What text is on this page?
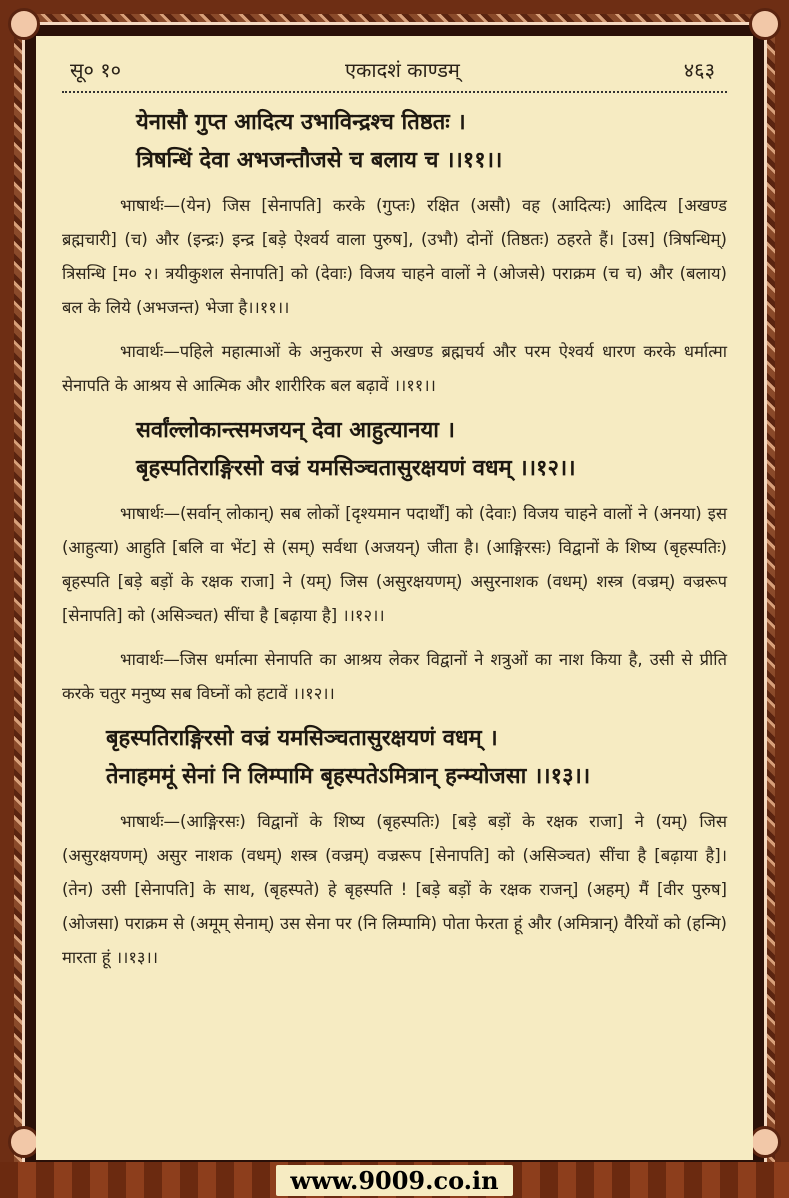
सू० १०	एकादशं काण्डम्	४६३
येनासौ गुप्त आदित्य उभाविन्द्रश्च तिष्ठतः ।
त्रिषन्धिं देवा अभजन्तौजसे च बलाय च ।।११।।

भाषार्थः—(येन) जिस [सेनापति] करके (गुप्तः) रक्षित (असौ) वह (आदित्यः) आदित्य [अखण्ड ब्रह्मचारी] (च) और (इन्द्रः) इन्द्र [बड़े ऐश्वर्य वाला पुरुष], (उभौ) दोनों (तिष्ठतः) ठहरते हैं। [उस] (त्रिषन्धिम्) त्रिसन्धि [म० २। त्रयीकुशल सेनापति] को (देवाः) विजय चाहने वालों ने (ओजसे) पराक्रम (च च) और (बलाय) बल के लिये (अभजन्त) भेजा है।।११।।

भावार्थः—पहिले महात्माओं के अनुकरण से अखण्ड ब्रह्मचर्य और परम ऐश्वर्य धारण करके धर्मात्मा सेनापति के आश्रय से आत्मिक और शारीरिक बल बढ़ावें ।।११।।

सर्वांल्लोकान्त्समजयन् देवा आहुत्यानया ।
बृहस्पतिराङ्गिरसो वज्रं यमसिञ्चतासुरक्षयणं वधम् ।।१२।।

भाषार्थः—(सर्वान् लोकान्) सब लोकों [दृश्यमान पदार्थों] को (देवाः) विजय चाहने वालों ने (अनया) इस (आहुत्या) आहुति [बलि वा भेंट] से (सम्) सर्वथा (अजयन्) जीता है। (आङ्गिरसः) विद्वानों के शिष्य (बृहस्पतिः) बृहस्पति [बड़े बड़ों के रक्षक राजा] ने (यम्) जिस (असुरक्षयणम्) असुरनाशक (वधम्) शस्त्र (वज्रम्) वज्ररूप [सेनापति] को (असिञ्चत) सींचा है [बढ़ाया है] ।।१२।।

भावार्थः—जिस धर्मात्मा सेनापति का आश्रय लेकर विद्वानों ने शत्रुओं का नाश किया है, उसी से प्रीति करके चतुर मनुष्य सब विघ्नों को हटावें ।।१२।।

बृहस्पतिराङ्गिरसो वज्रं यमसिञ्चतासुरक्षयणं वधम् ।
तेनाहममूं सेनां नि लिम्पामि बृहस्पतेऽमित्रान् हन्म्योजसा ।।१३।।

भाषार्थः—(आङ्गिरसः) विद्वानों के शिष्य (बृहस्पतिः) [बड़े बड़ों के रक्षक राजा] ने (यम्) जिस (असुरक्षयणम्) असुर नाशक (वधम्) शस्त्र (वज्रम्) वज्ररूप [सेनापति] को (असिञ्चत) सींचा है [बढ़ाया है]। (तेन) उसी [सेनापति] के साथ, (बृहस्पते) हे बृहस्पति ! [बड़े बड़ों के रक्षक राजन्] (अहम्) मैं [वीर पुरुष] (ओजसा) पराक्रम से (अमूम् सेनाम्) उस सेना पर (नि लिम्पामि) पोता फेरता हूं और (अमित्रान्) वैरियों को (हन्मि) मारता हूं ।।१३।।

www.9009.co.in
